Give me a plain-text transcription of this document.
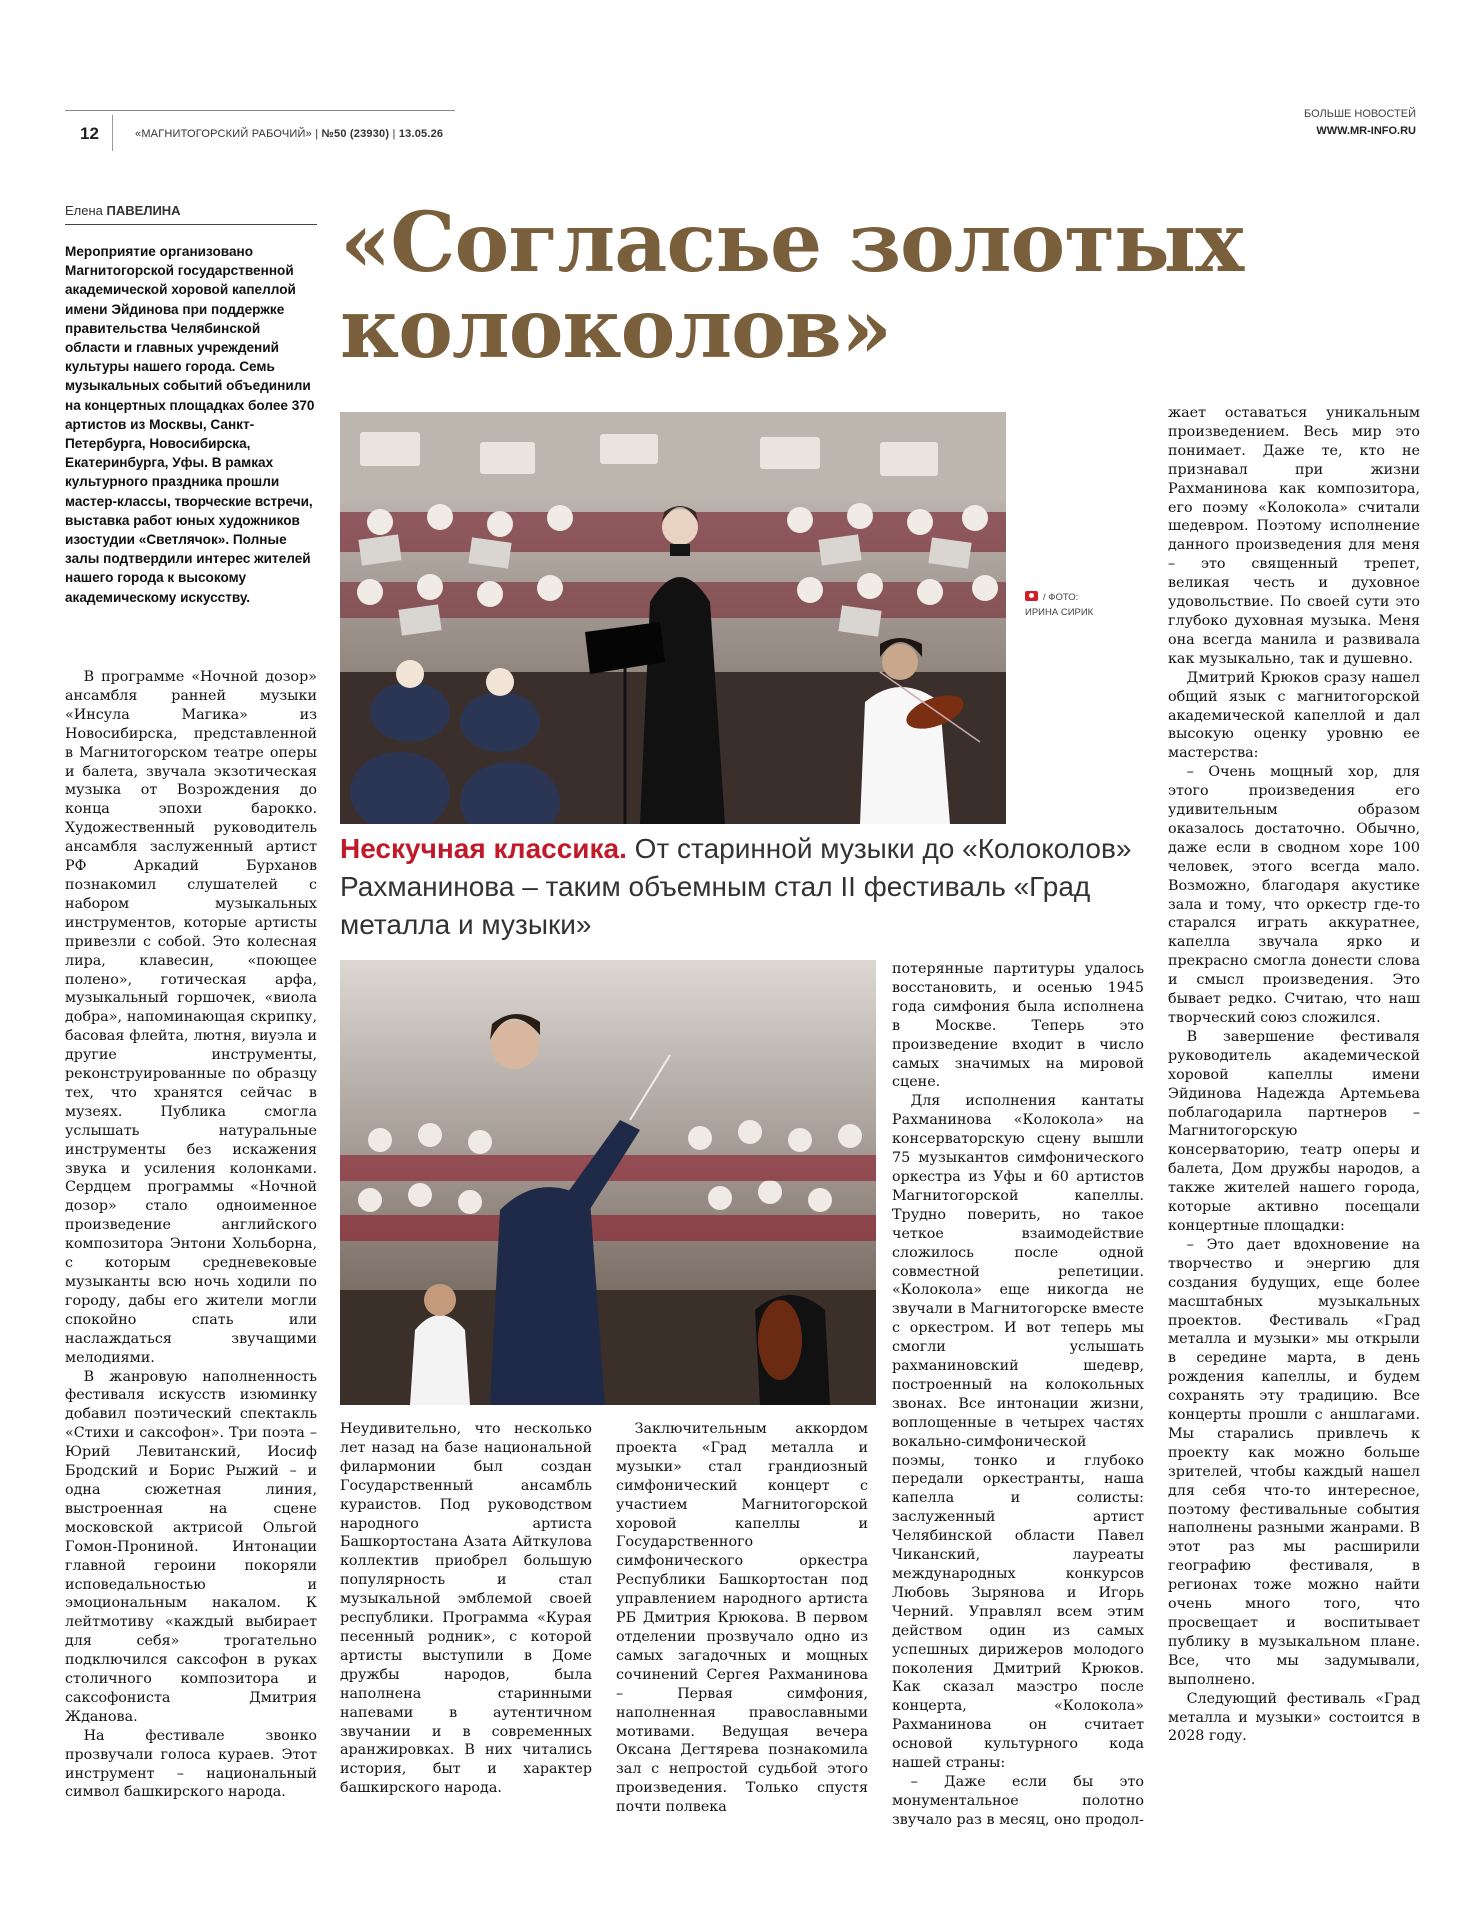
12	«МАГНИТОГОРСКИЙ РАБОЧИЙ» | №50 (23930) | 13.05.26
БОЛЬШЕ НОВОСТЕЙ
WWW.MR-INFO.RU
Елена ПАВЕЛИНА

Мероприятие организовано Магнитогорской государственной академической хоровой капеллой имени Эйдинова при поддержке правительства Челябинской области и главных учреждений культуры нашего города. Семь музыкальных событий объединили на концертных площадках более 370 артистов из Москвы, Санкт-Петербурга, Новосибирска, Екатеринбурга, Уфы. В рамках культурного праздника прошли мастер-классы, творческие встречи, выставка работ юных художников изостудии «Светлячок». Полные залы подтвердили интерес жителей нашего города к высокому академическому искусству.

«Согласье золотых колоколов»
/ ФОТО:
ИРИНА СИРИК
Нескучная классика. От старинной музыки до «Колоколов» Рахманинова – таким объемным стал II фестиваль «Град металла и музыки»

В программе «Ночной дозор» ансамбля ранней музыки «Инсула Магика» из Новосибирска, представленной в Магнитогорском театре оперы и балета, звучала экзотическая музыка от Возрождения до конца эпохи барокко. Художественный руководитель ансамбля заслуженный артист РФ Аркадий Бурханов познакомил слушателей с набором музыкальных инструментов, которые артисты привезли с собой. Это колесная лира, клавесин, «поющее полено», готическая арфа, музыкальный горшочек, «виола добра», напоминающая скрипку, басовая флейта, лютня, виуэла и другие инструменты, реконструированные по образцу тех, что хранятся сейчас в музеях. Публика смогла услышать натуральные инструменты без искажения звука и усиления колонками. Сердцем программы «Ночной дозор» стало одноименное произведение английского композитора Энтони Хольборна, с которым средневековые музыканты всю ночь ходили по городу, дабы его жители могли спокойно спать или наслаждаться звучащими мелодиями.

В жанровую наполненность фестиваля искусств изюминку добавил поэтический спектакль «Стихи и саксофон». Три поэта – Юрий Левитанский, Иосиф Бродский и Борис Рыжий – и одна сюжетная линия, выстроенная на сцене московской актрисой Ольгой Гомон-Прониной. Интонации главной героини покоряли исповедальностью и эмоциональным накалом. К лейтмотиву «каждый выбирает для себя» трогательно подключился саксофон в руках столичного композитора и саксофониста Дмитрия Жданова.

На фестивале звонко прозвучали голоса кураев. Этот инструмент – национальный символ башкирского народа.

Неудивительно, что несколько лет назад на базе национальной филармонии был создан Государственный ансамбль кураистов. Под руководством народного артиста Башкортостана Азата Айткулова коллектив приобрел большую популярность и стал музыкальной эмблемой своей республики. Программа «Курая песенный родник», с которой артисты выступили в Доме дружбы народов, была наполнена старинными напевами в аутентичном звучании и в современных аранжировках. В них читались история, быт и характер башкирского народа.

Заключительным аккордом проекта «Град металла и музыки» стал грандиозный симфонический концерт с участием Магнитогорской хоровой капеллы и Государственного симфонического оркестра Республики Башкортостан под управлением народного артиста РБ Дмитрия Крюкова. В первом отделении прозвучало одно из самых загадочных и мощных сочинений Сергея Рахманинова – Первая симфония, наполненная православными мотивами. Ведущая вечера Оксана Дегтярева познакомила зал с непростой судьбой этого произведения. Только спустя почти полвека

потерянные партитуры удалось восстановить, и осенью 1945 года симфония была исполнена в Москве. Теперь это произведение входит в число самых значимых на мировой сцене.

Для исполнения кантаты Рахманинова «Колокола» на консерваторскую сцену вышли 75 музыкантов симфонического оркестра из Уфы и 60 артистов Магнитогорской капеллы. Трудно поверить, но такое четкое взаимодействие сложилось после одной совместной репетиции. «Колокола» еще никогда не звучали в Магнитогорске вместе с оркестром. И вот теперь мы смогли услышать рахманиновский шедевр, построенный на колокольных звонах. Все интонации жизни, воплощенные в четырех частях вокально-симфонической поэмы, тонко и глубоко передали оркестранты, наша капелла и солисты: заслуженный артист Челябинской области Павел Чиканский, лауреаты международных конкурсов Любовь Зырянова и Игорь Черний. Управлял всем этим действом один из самых успешных дирижеров молодого поколения Дмитрий Крюков. Как сказал маэстро после концерта, «Колокола» Рахманинова он считает основой культурного кода нашей страны:

– Даже если бы это монументальное полотно звучало раз в месяц, оно продол-

жает оставаться уникальным произведением. Весь мир это понимает. Даже те, кто не признавал при жизни Рахманинова как композитора, его поэму «Колокола» считали шедевром. Поэтому исполнение данного произведения для меня – это священный трепет, великая честь и духовное удовольствие. По своей сути это глубоко духовная музыка. Меня она всегда манила и развивала как музыкально, так и душевно.

Дмитрий Крюков сразу нашел общий язык с магнитогорской академической капеллой и дал высокую оценку уровню ее мастерства:

– Очень мощный хор, для этого произведения его удивительным образом оказалось достаточно. Обычно, даже если в сводном хоре 100 человек, этого всегда мало. Возможно, благодаря акустике зала и тому, что оркестр где-то старался играть аккуратнее, капелла звучала ярко и прекрасно смогла донести слова и смысл произведения. Это бывает редко. Считаю, что наш творческий союз сложился.

В завершение фестиваля руководитель академической хоровой капеллы имени Эйдинова Надежда Артемьева поблагодарила партнеров – Магнитогорскую консерваторию, театр оперы и балета, Дом дружбы народов, а также жителей нашего города, которые активно посещали концертные площадки:

– Это дает вдохновение на творчество и энергию для создания будущих, еще более масштабных музыкальных проектов. Фестиваль «Град металла и музыки» мы открыли в середине марта, в день рождения капеллы, и будем сохранять эту традицию. Все концерты прошли с аншлагами. Мы старались привлечь к проекту как можно больше зрителей, чтобы каждый нашел для себя что-то интересное, поэтому фестивальные события наполнены разными жанрами. В этот раз мы расширили географию фестиваля, в регионах тоже можно найти очень много того, что просвещает и воспитывает публику в музыкальном плане. Все, что мы задумывали, выполнено.

Следующий фестиваль «Град металла и музыки» состоится в 2028 году.
